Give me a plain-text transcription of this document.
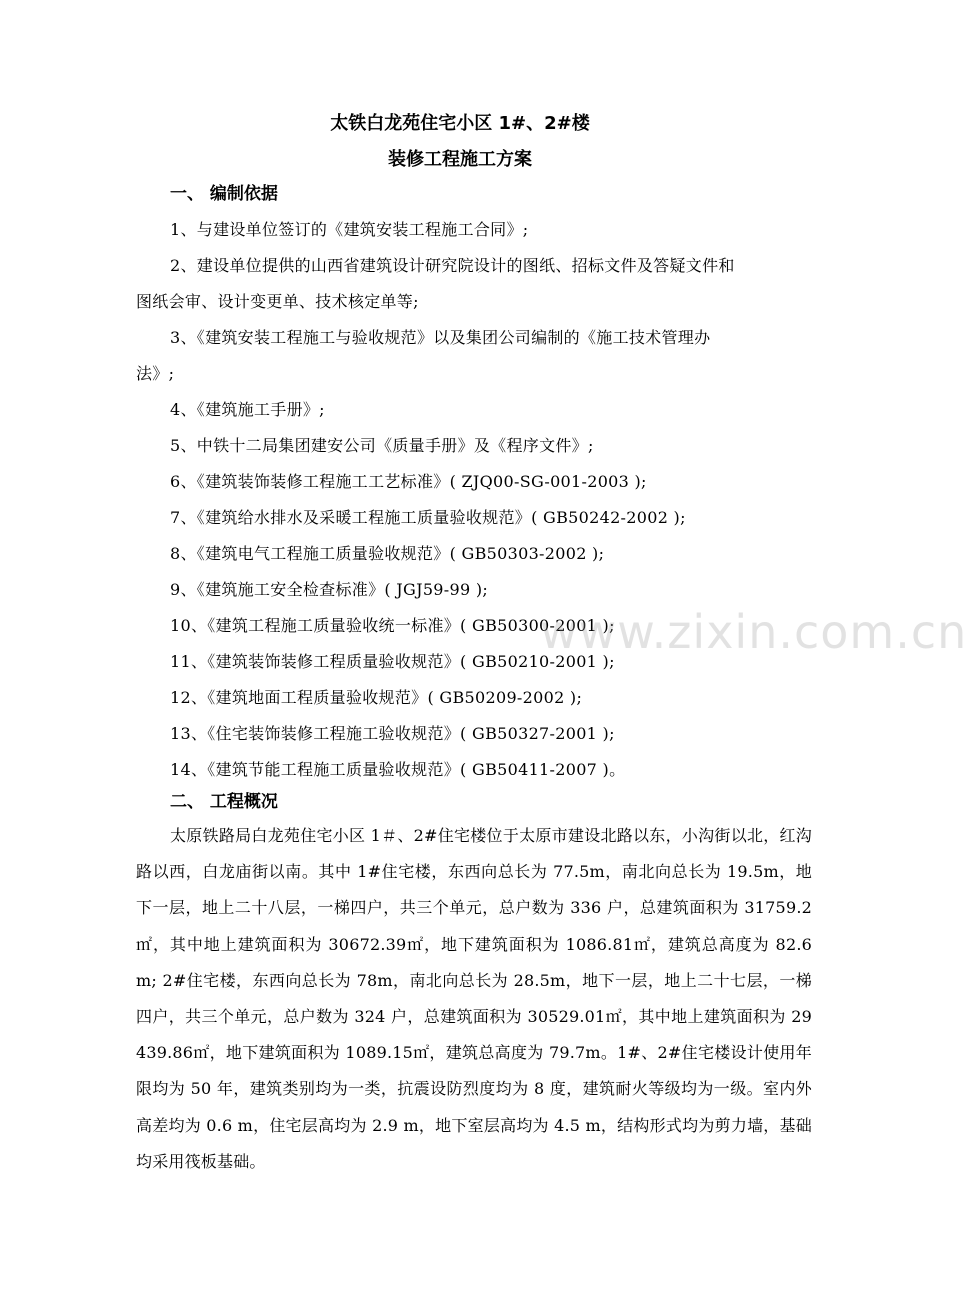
太铁白龙苑住宅小区 1#、2#楼
装修工程施工方案
一、 编制依据
1、与建设单位签订的《建筑安装工程施工合同》;
2、建设单位提供的山西省建筑设计研究院设计的图纸、招标文件及答疑文件和
图纸会审、设计变更单、技术核定单等;
3、《建筑安装工程施工与验收规范》以及集团公司编制的《施工技术管理办
法》;
4、《建筑施工手册》;
5、中铁十二局集团建安公司《质量手册》及《程序文件》;
6、《建筑装饰装修工程施工工艺标准》( ZJQ00-SG-001-2003 );
7、《建筑给水排水及采暖工程施工质量验收规范》( GB50242-2002 );
8、《建筑电气工程施工质量验收规范》( GB50303-2002 );
9、《建筑施工安全检查标准》( JGJ59-99 );
10、《建筑工程施工质量验收统一标准》( GB50300-2001 );
11、《建筑装饰装修工程质量验收规范》( GB50210-2001 );
12、《建筑地面工程质量验收规范》( GB50209-2002 );
13、《住宅装饰装修工程施工验收规范》( GB50327-2001 );
14、《建筑节能工程施工质量验收规范》( GB50411-2007 )。
二、 工程概况
太原铁路局白龙苑住宅小区 1＃、2#住宅楼位于太原市建设北路以东，小沟街以北，红沟路以西，白龙庙街以南。其中 1#住宅楼，东西向总长为 77.5m，南北向总长为 19.5m，地下一层，地上二十八层，一梯四户，共三个单元，总户数为 336 户，总建筑面积为 31759.2㎡，其中地上建筑面积为 30672.39㎡，地下建筑面积为 1086.81㎡，建筑总高度为 82.6 m; 2#住宅楼，东西向总长为 78m，南北向总长为 28.5m，地下一层，地上二十七层，一梯四户，共三个单元，总户数为 324 户，总建筑面积为 30529.01㎡，其中地上建筑面积为 29439.86㎡，地下建筑面积为 1089.15㎡，建筑总高度为 79.7m。1#、2#住宅楼设计使用年限均为 50 年，建筑类别均为一类，抗震设防烈度均为 8 度，建筑耐火等级均为一级。室内外高差均为 0.6 m，住宅层高均为 2.9 m，地下室层高均为 4.5 m，结构形式均为剪力墙，基础均采用筏板基础。
www.zixin.com.cn
